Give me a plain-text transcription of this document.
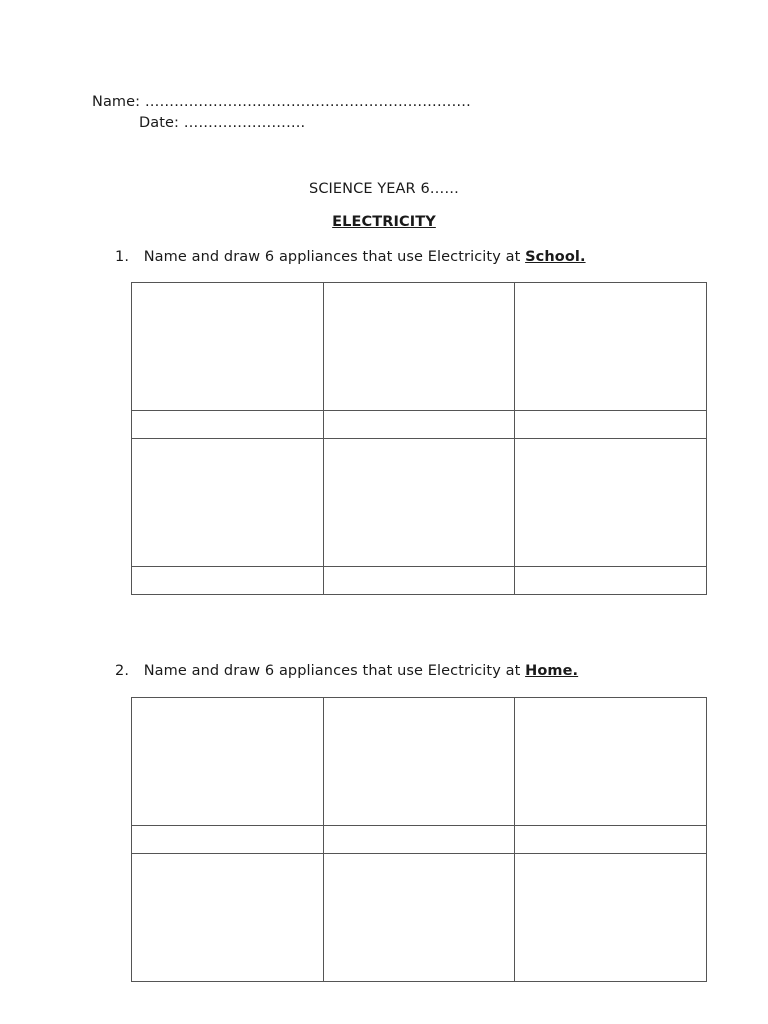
Name: ………………………………………………………….
Date: …………………….
SCIENCE YEAR 6……
ELECTRICITY
1. Name and draw 6 appliances that use Electricity at School.

2. Name and draw 6 appliances that use Electricity at Home.
